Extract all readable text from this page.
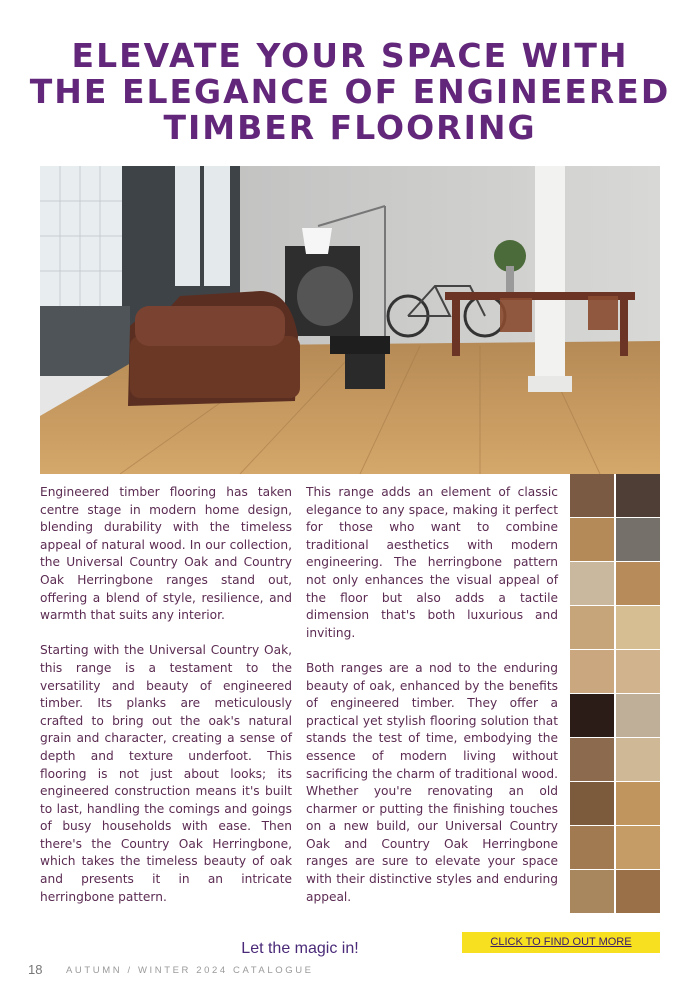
ELEVATE YOUR SPACE WITH
THE ELEGANCE OF ENGINEERED
TIMBER FLOORING

Engineered timber flooring has taken centre stage in modern home design, blending durability with the timeless appeal of natural wood. In our collection, the Universal Country Oak and Country Oak Herringbone ranges stand out, offering a blend of style, resilience, and warmth that suits any interior.

Starting with the Universal Country Oak, this range is a testament to the versatility and beauty of engineered timber. Its planks are meticulously crafted to bring out the oak's natural grain and character, creating a sense of depth and texture underfoot. This flooring is not just about looks; its engineered construction means it's built to last, handling the comings and goings of busy households with ease. Then there's the Country Oak Herringbone, which takes the timeless beauty of oak and presents it in an intricate herringbone pattern.

This range adds an element of classic elegance to any space, making it perfect for those who want to combine traditional aesthetics with modern engineering. The herringbone pattern not only enhances the visual appeal of the floor but also adds a tactile dimension that's both luxurious and inviting.

Both ranges are a nod to the enduring beauty of oak, enhanced by the benefits of engineered timber. They offer a practical yet stylish flooring solution that stands the test of time, embodying the essence of modern living without sacrificing the charm of traditional wood. Whether you're renovating an old charmer or putting the finishing touches on a new build, our Universal Country Oak and Country Oak Herringbone ranges are sure to elevate your space with their distinctive styles and enduring appeal.

Let the magic in!	CLICK TO FIND OUT MORE
18 AUTUMN / WINTER 2024 CATALOGUE
